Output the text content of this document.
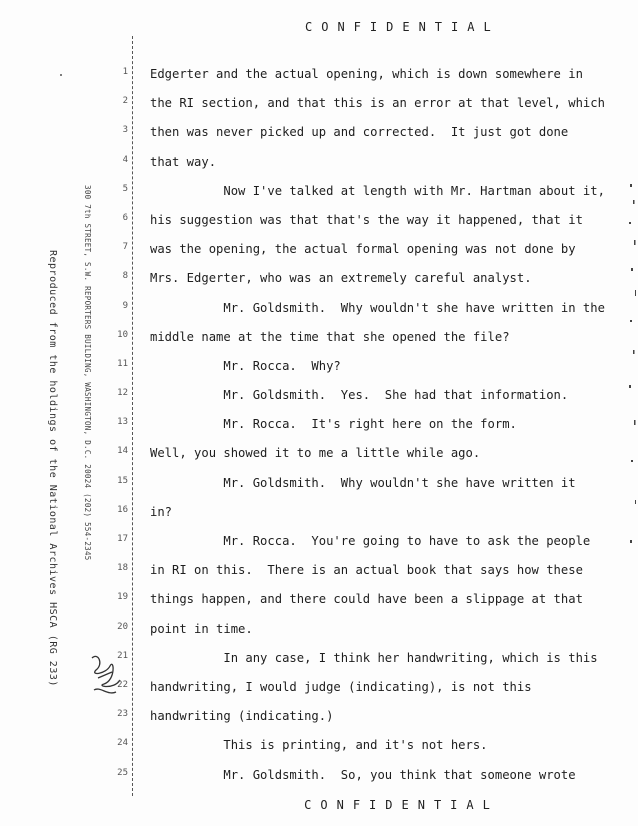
CONFIDENTIAL
Reproduced from the holdings of the National Archives HSCA (RG 233)	300 7th STREET, S.W. REPORTERS BUILDING, WASHINGTON, D.C. 20024 (202) 554-2345
1
2
3
4
5
6
7
8
9
10
11
12
13
14
15
16
17
18
19
20
21
22
23
24
25
Edgerter and the actual opening, which is down somewhere in
the RI section, and that this is an error at that level, which
then was never picked up and corrected.  It just got done
that way.
Now I've talked at length with Mr. Hartman about it,
his suggestion was that that's the way it happened, that it
was the opening, the actual formal opening was not done by
Mrs. Edgerter, who was an extremely careful analyst.
Mr. Goldsmith.  Why wouldn't she have written in the
middle name at the time that she opened the file?
Mr. Rocca.  Why?
Mr. Goldsmith.  Yes.  She had that information.
Mr. Rocca.  It's right here on the form.
Well, you showed it to me a little while ago.
Mr. Goldsmith.  Why wouldn't she have written it
in?
Mr. Rocca.  You're going to have to ask the people
in RI on this.  There is an actual book that says how these
things happen, and there could have been a slippage at that
point in time.
In any case, I think her handwriting, which is this
handwriting, I would judge (indicating), is not this
handwriting (indicating.)
This is printing, and it's not hers.
Mr. Goldsmith.  So, you think that someone wrote
CONFIDENTIAL
